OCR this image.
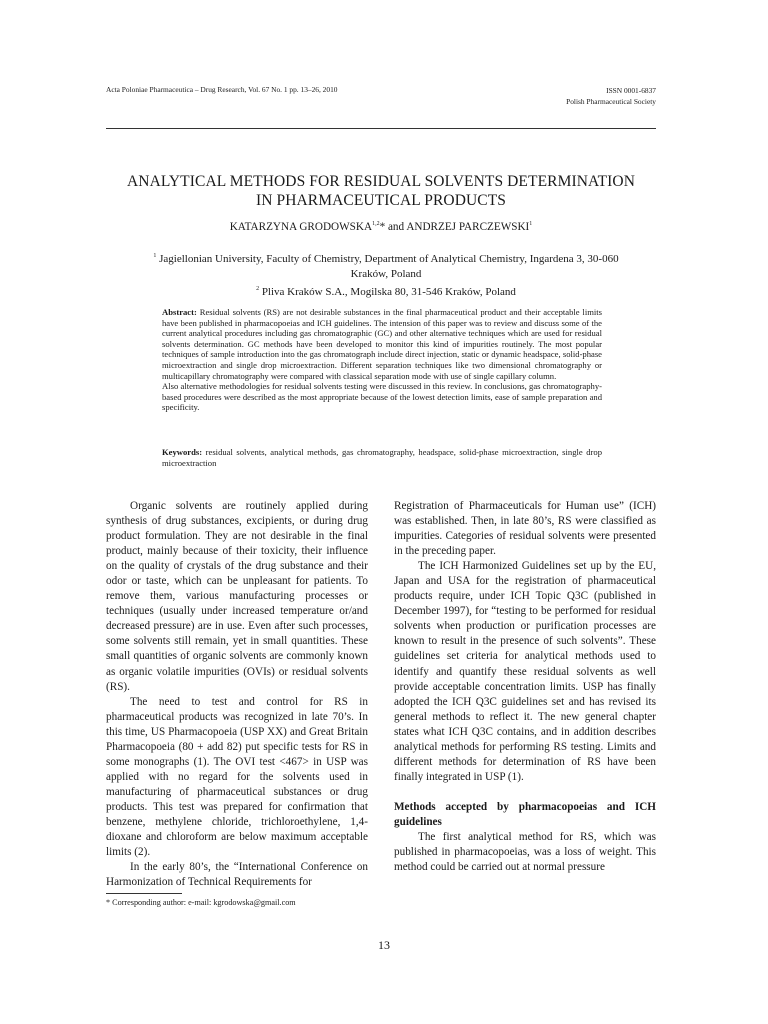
Acta Poloniae Pharmaceutica – Drug Research, Vol. 67 No. 1 pp. 13–26, 2010	ISSN 0001-6837
Polish Pharmaceutical Society
ANALYTICAL METHODS FOR RESIDUAL SOLVENTS DETERMINATION
IN PHARMACEUTICAL PRODUCTS
KATARZYNA GRODOWSKA$^{1,2}$* and ANDRZEJ PARCZEWSKI$^1$
$^1$ Jagiellonian University, Faculty of Chemistry, Department of Analytical Chemistry, Ingardena 3, 30-060
Kraków, Poland
$^2$ Pliva Kraków S.A., Mogilska 80, 31-546 Kraków, Poland

Abstract: Residual solvents (RS) are not desirable substances in the final pharmaceutical product and their acceptable limits have been published in pharmacopoeias and ICH guidelines. The intension of this paper was to review and discuss some of the current analytical procedures including gas chromatographic (GC) and other alternative techniques which are used for residual solvents determination. GC methods have been developed to monitor this kind of impurities routinely. The most popular techniques of sample introduction into the gas chromatograph include direct injection, static or dynamic headspace, solid-phase microextraction and single drop microextraction. Different separation techniques like two dimensional chromatography or multicapillary chromatography were compared with classical separation mode with use of single capillary column.

Also alternative methodologies for residual solvents testing were discussed in this review. In conclusions, gas chromatography-based procedures were described as the most appropriate because of the lowest detection limits, ease of sample preparation and specificity.

Keywords: residual solvents, analytical methods, gas chromatography, headspace, solid-phase microextraction, single drop microextraction

Organic solvents are routinely applied during synthesis of drug substances, excipients, or during drug product formulation. They are not desirable in the final product, mainly because of their toxicity, their influence on the quality of crystals of the drug substance and their odor or taste, which can be unpleasant for patients. To remove them, various manufacturing processes or techniques (usually under increased temperature or/and decreased pressure) are in use. Even after such processes, some solvents still remain, yet in small quantities. These small quantities of organic solvents are commonly known as organic volatile impurities (OVIs) or residual solvents (RS).

The need to test and control for RS in pharmaceutical products was recognized in late 70’s. In this time, US Pharmacopoeia (USP XX) and Great Britain Pharmacopoeia (80 + add 82) put specific tests for RS in some monographs (1). The OVI test <467> in USP was applied with no regard for the solvents used in manufacturing of pharmaceutical substances or drug products. This test was prepared for confirmation that benzene, methylene chloride, trichloroethylene, 1,4-dioxane and chloroform are below maximum acceptable limits (2).

In the early 80’s, the “International Conference on Harmonization of Technical Requirements for

Registration of Pharmaceuticals for Human use” (ICH) was established. Then, in late 80’s, RS were classified as impurities. Categories of residual solvents were presented in the preceding paper.

The ICH Harmonized Guidelines set up by the EU, Japan and USA for the registration of pharmaceutical products require, under ICH Topic Q3C (published in December 1997), for “testing to be performed for residual solvents when production or purification processes are known to result in the presence of such solvents”. These guidelines set criteria for analytical methods used to identify and quantify these residual solvents as well provide acceptable concentration limits. USP has finally adopted the ICH Q3C guidelines set and has revised its general methods to reflect it. The new general chapter states what ICH Q3C contains, and in addition describes analytical methods for performing RS testing. Limits and different methods for determination of RS have been finally integrated in USP (1).

Methods accepted by pharmacopoeias and ICH guidelines

The first analytical method for RS, which was published in pharmacopoeias, was a loss of weight. This method could be carried out at normal pressure

* Corresponding author: e-mail: kgrodowska@gmail.com
13
